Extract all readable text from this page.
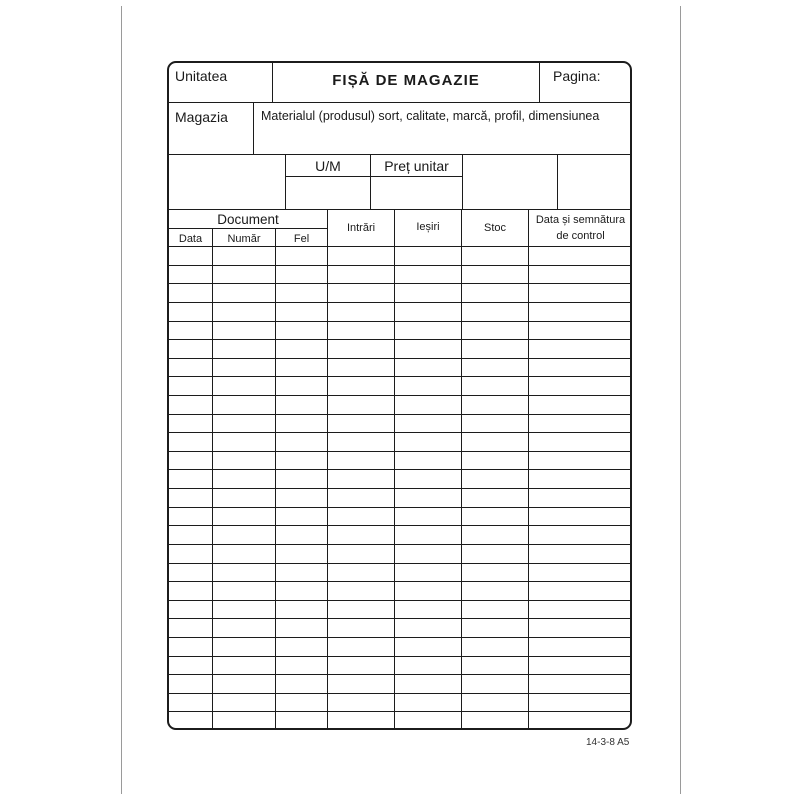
Unitatea	FIȘĂ DE MAGAZIE	Pagina:
Magazia	Materialul (produsul) sort, calitate, marcă, profil, dimensiunea
U/M	Preț unitar
Document
Data	Număr	Fel
Intrări	Ieșiri	Stoc
Data și semnătura
de control
14-3-8 A5
